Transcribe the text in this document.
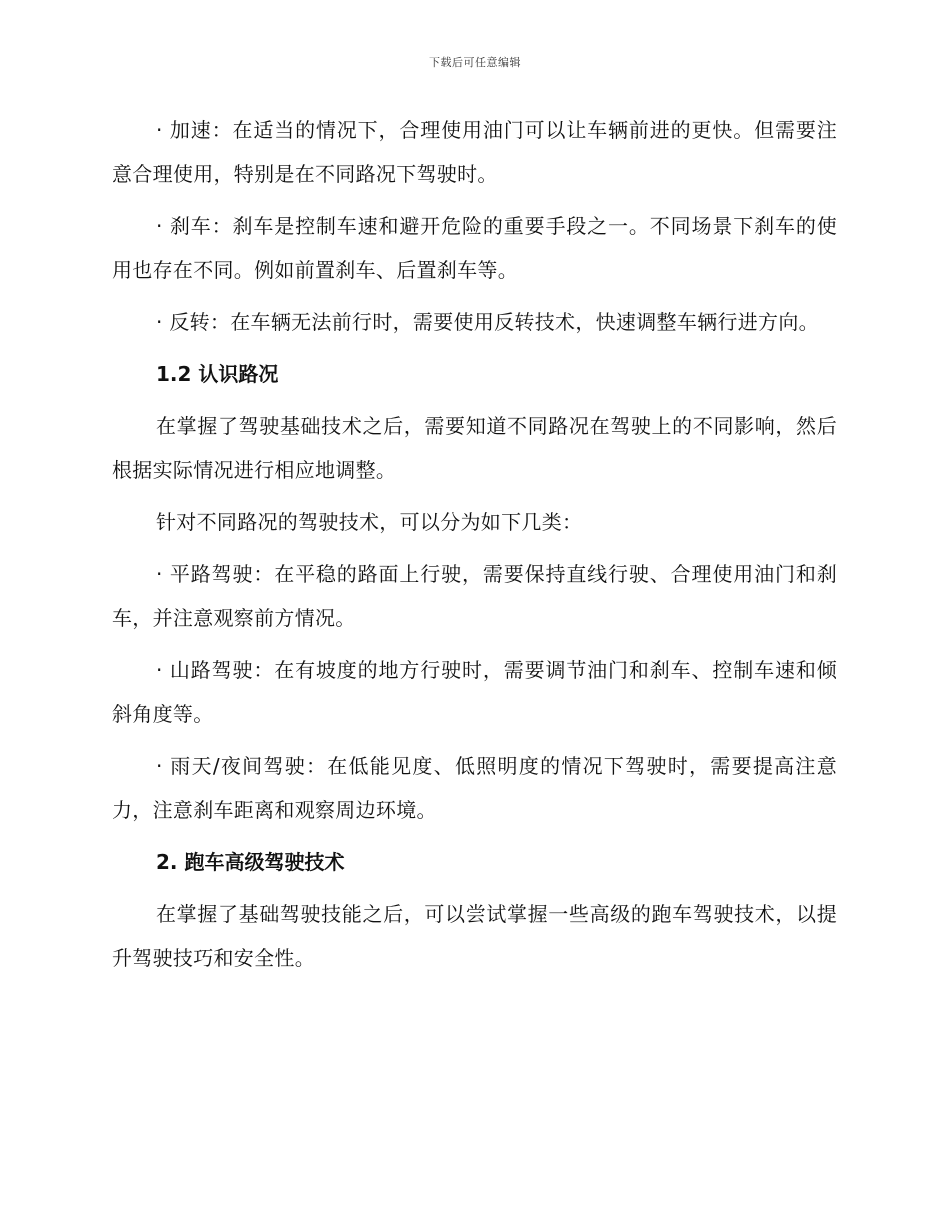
下载后可任意编辑

· 加速：在适当的情况下，合理使用油门可以让车辆前进的更快。但需要注意合理使用，特别是在不同路况下驾驶时。

· 刹车：刹车是控制车速和避开危险的重要手段之一。不同场景下刹车的使用也存在不同。例如前置刹车、后置刹车等。

· 反转：在车辆无法前行时，需要使用反转技术，快速调整车辆行进方向。

1.2 认识路况

在掌握了驾驶基础技术之后，需要知道不同路况在驾驶上的不同影响，然后根据实际情况进行相应地调整。

针对不同路况的驾驶技术，可以分为如下几类：

· 平路驾驶：在平稳的路面上行驶，需要保持直线行驶、合理使用油门和刹车，并注意观察前方情况。

· 山路驾驶：在有坡度的地方行驶时，需要调节油门和刹车、控制车速和倾斜角度等。

· 雨天/夜间驾驶：在低能见度、低照明度的情况下驾驶时，需要提高注意力，注意刹车距离和观察周边环境。

2. 跑车高级驾驶技术

在掌握了基础驾驶技能之后，可以尝试掌握一些高级的跑车驾驶技术，以提升驾驶技巧和安全性。
